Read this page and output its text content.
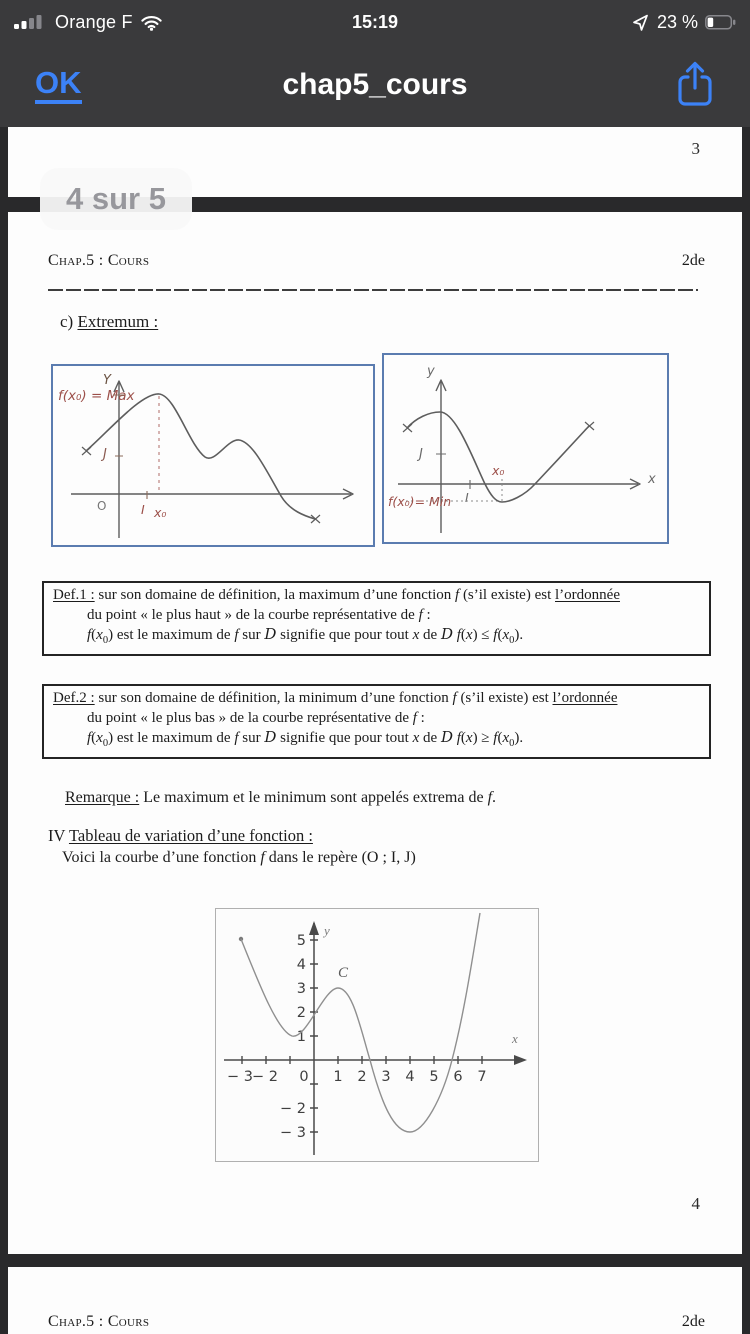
Orange F	15:19	23 %
OK	chap5_cours
3
Chap.5 : Cours	2de
c) Extremum :
Y
f(x₀) = Max
J
O	I x₀
y
x
J
I
x₀
f(x₀)= Min
Def.1 : sur son domaine de définition, la maximum d’une fonction f (s’il existe) est l’ordonnée
du point « le plus haut » de la courbe représentative de f :
$f(x_0)$ est le maximum de f sur D signifie que pour tout x de D $f(x) \le f(x_0)$.
Def.2 : sur son domaine de définition, la minimum d’une fonction f (s’il existe) est l’ordonnée
du point « le plus bas » de la courbe représentative de f :
$f(x_0)$ est le maximum de f sur D signifie que pour tout x de D $f(x) \ge f(x_0)$.
Remarque : Le maximum et le minimum sont appelés extrema de f.
IV Tableau de variation d’une fonction :
Voici la courbe d’une fonction f dans le repère (O ; I, J)
− 3 − 2	1 2 3 4 5 6 7
0
5
4
3
2
1
− 2
− 3
y
x
C
4
Chap.5 : Cours	2de
4 sur 5
